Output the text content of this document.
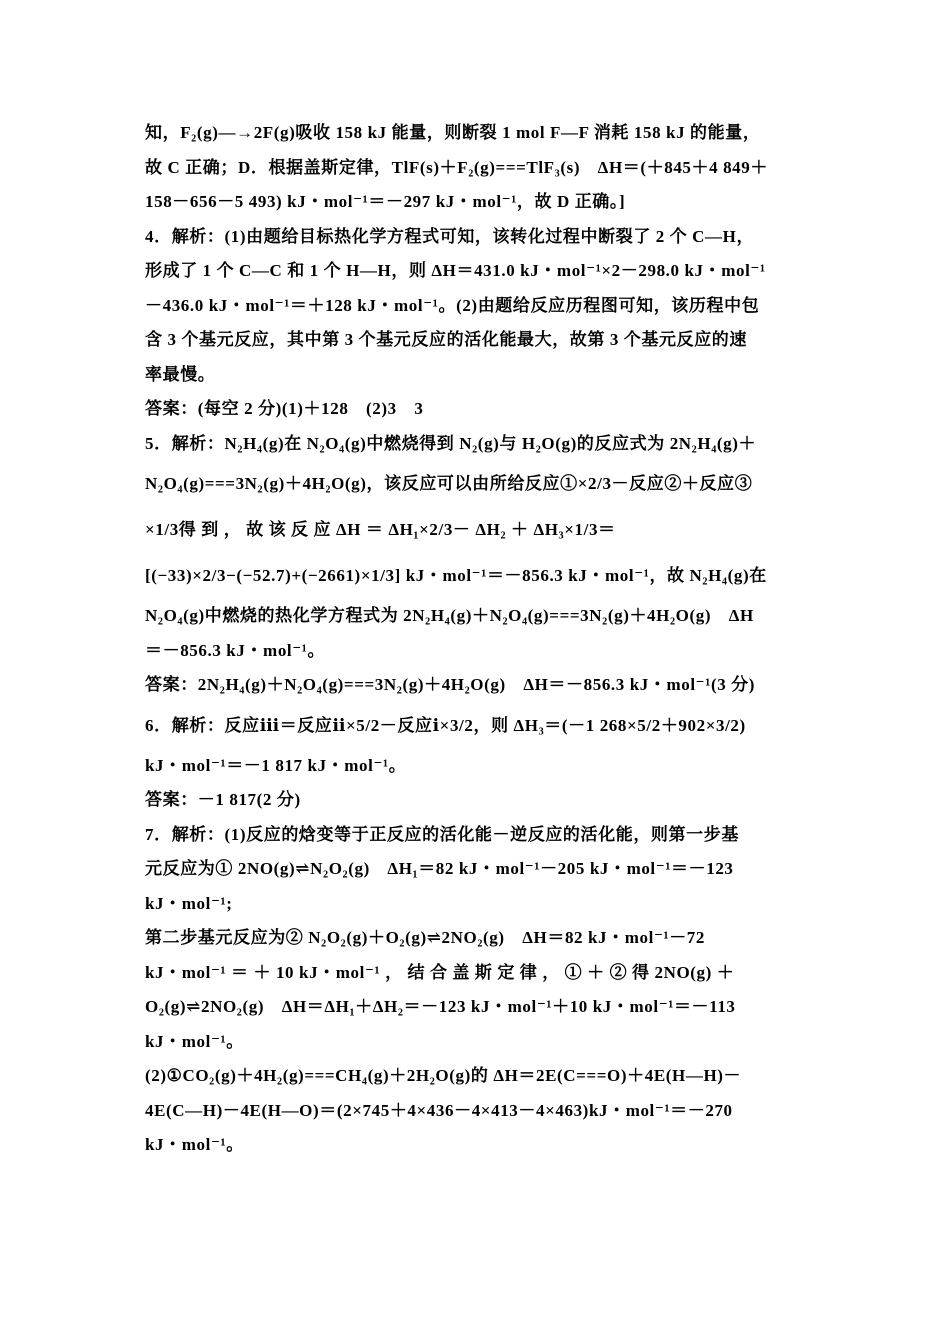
知，F₂(g)—→2F(g)吸收 158 kJ 能量，则断裂 1 mol F—F 消耗 158 kJ 的能量，
故 C 正确；D．根据盖斯定律，TlF(s)＋F₂(g)===TlF₃(s)　ΔH＝(＋845＋4 849＋
158－656－5 493) kJ・mol⁻¹＝－297 kJ・mol⁻¹，故 D 正确。]
4．解析：(1)由题给目标热化学方程式可知，该转化过程中断裂了 2 个 C—H，
形成了 1 个 C—C 和 1 个 H—H，则 ΔH＝431.0 kJ・mol⁻¹×2－298.0 kJ・mol⁻¹
－436.0 kJ・mol⁻¹＝＋128 kJ・mol⁻¹。(2)由题给反应历程图可知，该历程中包
含 3 个基元反应，其中第 3 个基元反应的活化能最大，故第 3 个基元反应的速
率最慢。
答案：(每空 2 分)(1)＋128　(2)3　3
5．解析：N₂H₄(g)在 N₂O₄(g)中燃烧得到 N₂(g)与 H₂O(g)的反应式为 2N₂H₄(g)＋
N₂O₄(g)===3N₂(g)＋4H₂O(g)，该反应可以由所给反应①×2/3－反应②＋反应③
×1/3得 到 ， 故 该 反 应 ΔH ＝ ΔH₁×2/3－ ΔH₂ ＋ ΔH₃×1/3＝
[(−33)×2/3−(−52.7)+(−2661)×1/3] kJ・mol⁻¹＝－856.3 kJ・mol⁻¹，故 N₂H₄(g)在
N₂O₄(g)中燃烧的热化学方程式为 2N₂H₄(g)＋N₂O₄(g)===3N₂(g)＋4H₂O(g)　ΔH
＝－856.3 kJ・mol⁻¹。
答案：2N₂H₄(g)＋N₂O₄(g)===3N₂(g)＋4H₂O(g)　ΔH＝－856.3 kJ・mol⁻¹(3 分)
6．解析：反应ⅲ＝反应ⅱ×5/2－反应ⅰ×3/2，则 ΔH₃＝(－1 268×5/2＋902×3/2)
kJ・mol⁻¹＝－1 817 kJ・mol⁻¹。
答案：－1 817(2 分)
7．解析：(1)反应的焓变等于正反应的活化能－逆反应的活化能，则第一步基
元反应为① 2NO(g)⇌N₂O₂(g)　ΔH₁＝82 kJ・mol⁻¹－205 kJ・mol⁻¹＝－123
kJ・mol⁻¹;
第二步基元反应为② N₂O₂(g)＋O₂(g)⇌2NO₂(g)　ΔH＝82 kJ・mol⁻¹－72
kJ・mol⁻¹ ＝ ＋ 10 kJ・mol⁻¹ ， 结 合 盖 斯 定 律 ， ① ＋ ② 得 2NO(g) ＋
O₂(g)⇌2NO₂(g)　ΔH＝ΔH₁＋ΔH₂＝－123 kJ・mol⁻¹＋10 kJ・mol⁻¹＝－113
kJ・mol⁻¹。
(2)①CO₂(g)＋4H₂(g)===CH₄(g)＋2H₂O(g)的 ΔH＝2E(C===O)＋4E(H—H)－
4E(C—H)－4E(H—O)＝(2×745＋4×436－4×413－4×463)kJ・mol⁻¹＝－270
kJ・mol⁻¹。
